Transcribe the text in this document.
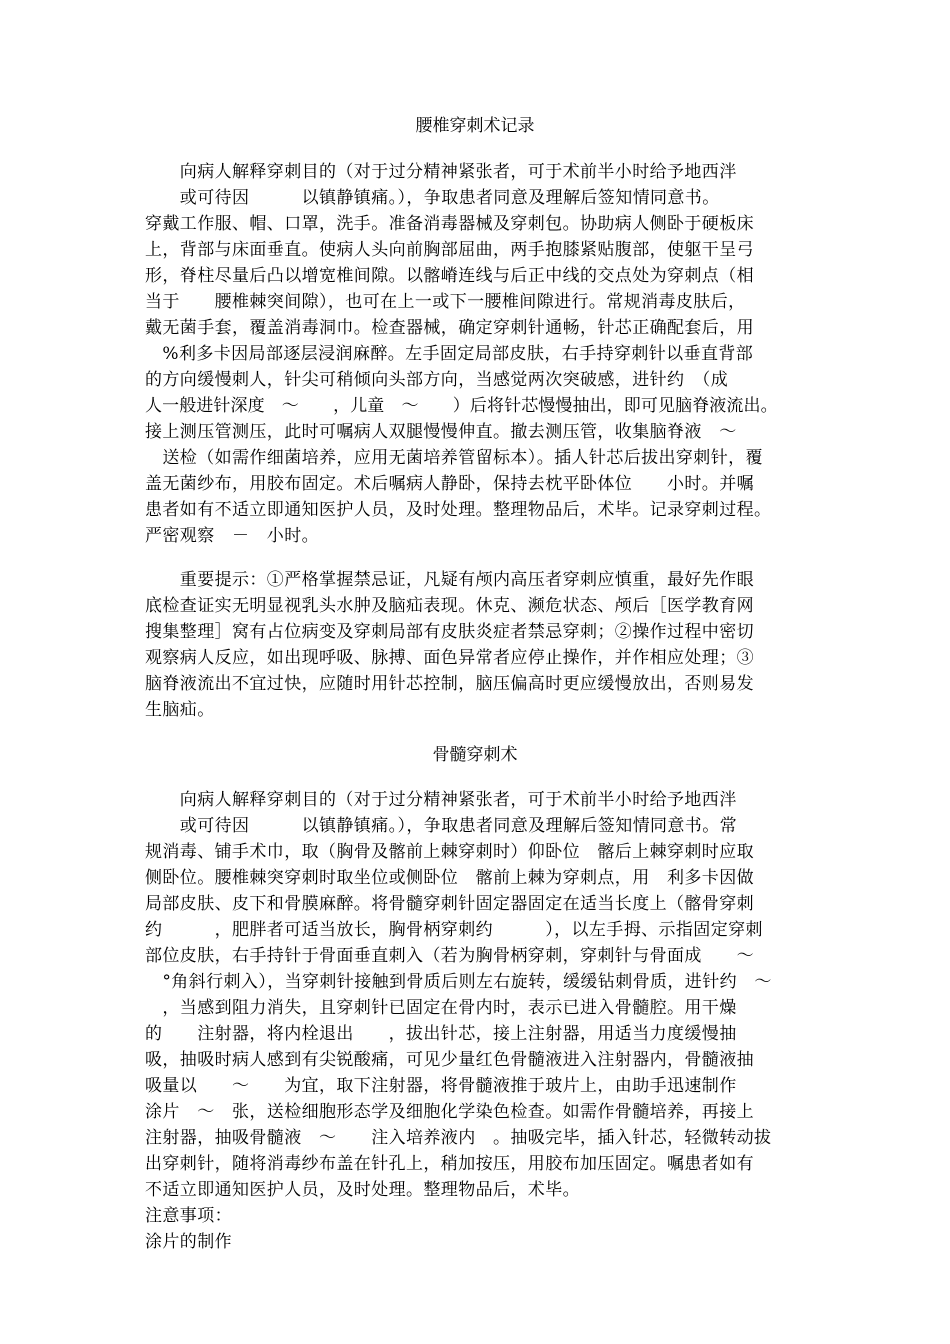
腰椎穿刺术记录
　　向病人解释穿刺目的（对于过分精神紧张者，可于术前半小时给予地西泮
　　或可待因　　　以镇静镇痛。），争取患者同意及理解后签知情同意书。
穿戴工作服、帽、口罩，洗手。准备消毒器械及穿刺包。协助病人侧卧于硬板床
上，背部与床面垂直。使病人头向前胸部屈曲，两手抱膝紧贴腹部，使躯干呈弓
形，脊柱尽量后凸以增宽椎间隙。以髂嵴连线与后正中线的交点处为穿刺点（相
当于　　腰椎棘突间隙），也可在上一或下一腰椎间隙进行。常规消毒皮肤后，
戴无菌手套，覆盖消毒洞巾。检查器械，确定穿刺针通畅，针芯正确配套后，用
　%利多卡因局部逐层浸润麻醉。左手固定局部皮肤，右手持穿刺针以垂直背部
的方向缓慢刺人，针尖可稍倾向头部方向，当感觉两次突破感，进针约　（成
人一般进针深度　～　　，儿童　～　　）后将针芯慢慢抽出，即可见脑脊液流出。
接上测压管测压，此时可嘱病人双腿慢慢伸直。撤去测压管，收集脑脊液　～
　送检（如需作细菌培养，应用无菌培养管留标本）。插人针芯后拔出穿刺针，覆
盖无菌纱布，用胶布固定。术后嘱病人静卧，保持去枕平卧体位　　小时。并嘱
患者如有不适立即通知医护人员，及时处理。整理物品后，术毕。记录穿刺过程。
严密观察　－　小时。
　　重要提示：①严格掌握禁忌证，凡疑有颅内高压者穿刺应慎重，最好先作眼
底检查证实无明显视乳头水肿及脑疝表现。休克、濒危状态、颅后［医学教育网
搜集整理］窝有占位病变及穿刺局部有皮肤炎症者禁忌穿刺；②操作过程中密切
观察病人反应，如出现呼吸、脉搏、面色异常者应停止操作，并作相应处理；③
脑脊液流出不宜过快，应随时用针芯控制，脑压偏高时更应缓慢放出，否则易发
生脑疝。
骨髓穿刺术
　　向病人解释穿刺目的（对于过分精神紧张者，可于术前半小时给予地西泮
　　或可待因　　　以镇静镇痛。），争取患者同意及理解后签知情同意书。常
规消毒、铺手术巾，取（胸骨及髂前上棘穿刺时）仰卧位　髂后上棘穿刺时应取
侧卧位。腰椎棘突穿刺时取坐位或侧卧位　髂前上棘为穿刺点，用　利多卡因做
局部皮肤、皮下和骨膜麻醉。将骨髓穿刺针固定器固定在适当长度上（髂骨穿刺
约　　　，肥胖者可适当放长，胸骨柄穿刺约　　　），以左手拇、示指固定穿刺
部位皮肤，右手持针于骨面垂直刺入（若为胸骨柄穿刺，穿刺针与骨面成　　～
　°角斜行刺入），当穿刺针接触到骨质后则左右旋转，缓缓钻刺骨质，进针约　～
　，当感到阻力消失，且穿刺针已固定在骨内时，表示已进入骨髓腔。用干燥
的　　注射器，将内栓退出　　，拔出针芯，接上注射器，用适当力度缓慢抽
吸，抽吸时病人感到有尖锐酸痛，可见少量红色骨髓液进入注射器内，骨髓液抽
吸量以　　～　　为宜，取下注射器，将骨髓液推于玻片上，由助手迅速制作
涂片　～　张，送检细胞形态学及细胞化学染色检查。如需作骨髓培养，再接上
注射器，抽吸骨髓液　～　　注入培养液内　。抽吸完毕，插入针芯，轻微转动拔
出穿刺针，随将消毒纱布盖在针孔上，稍加按压，用胶布加压固定。嘱患者如有
不适立即通知医护人员，及时处理。整理物品后，术毕。
注意事项：
涂片的制作
